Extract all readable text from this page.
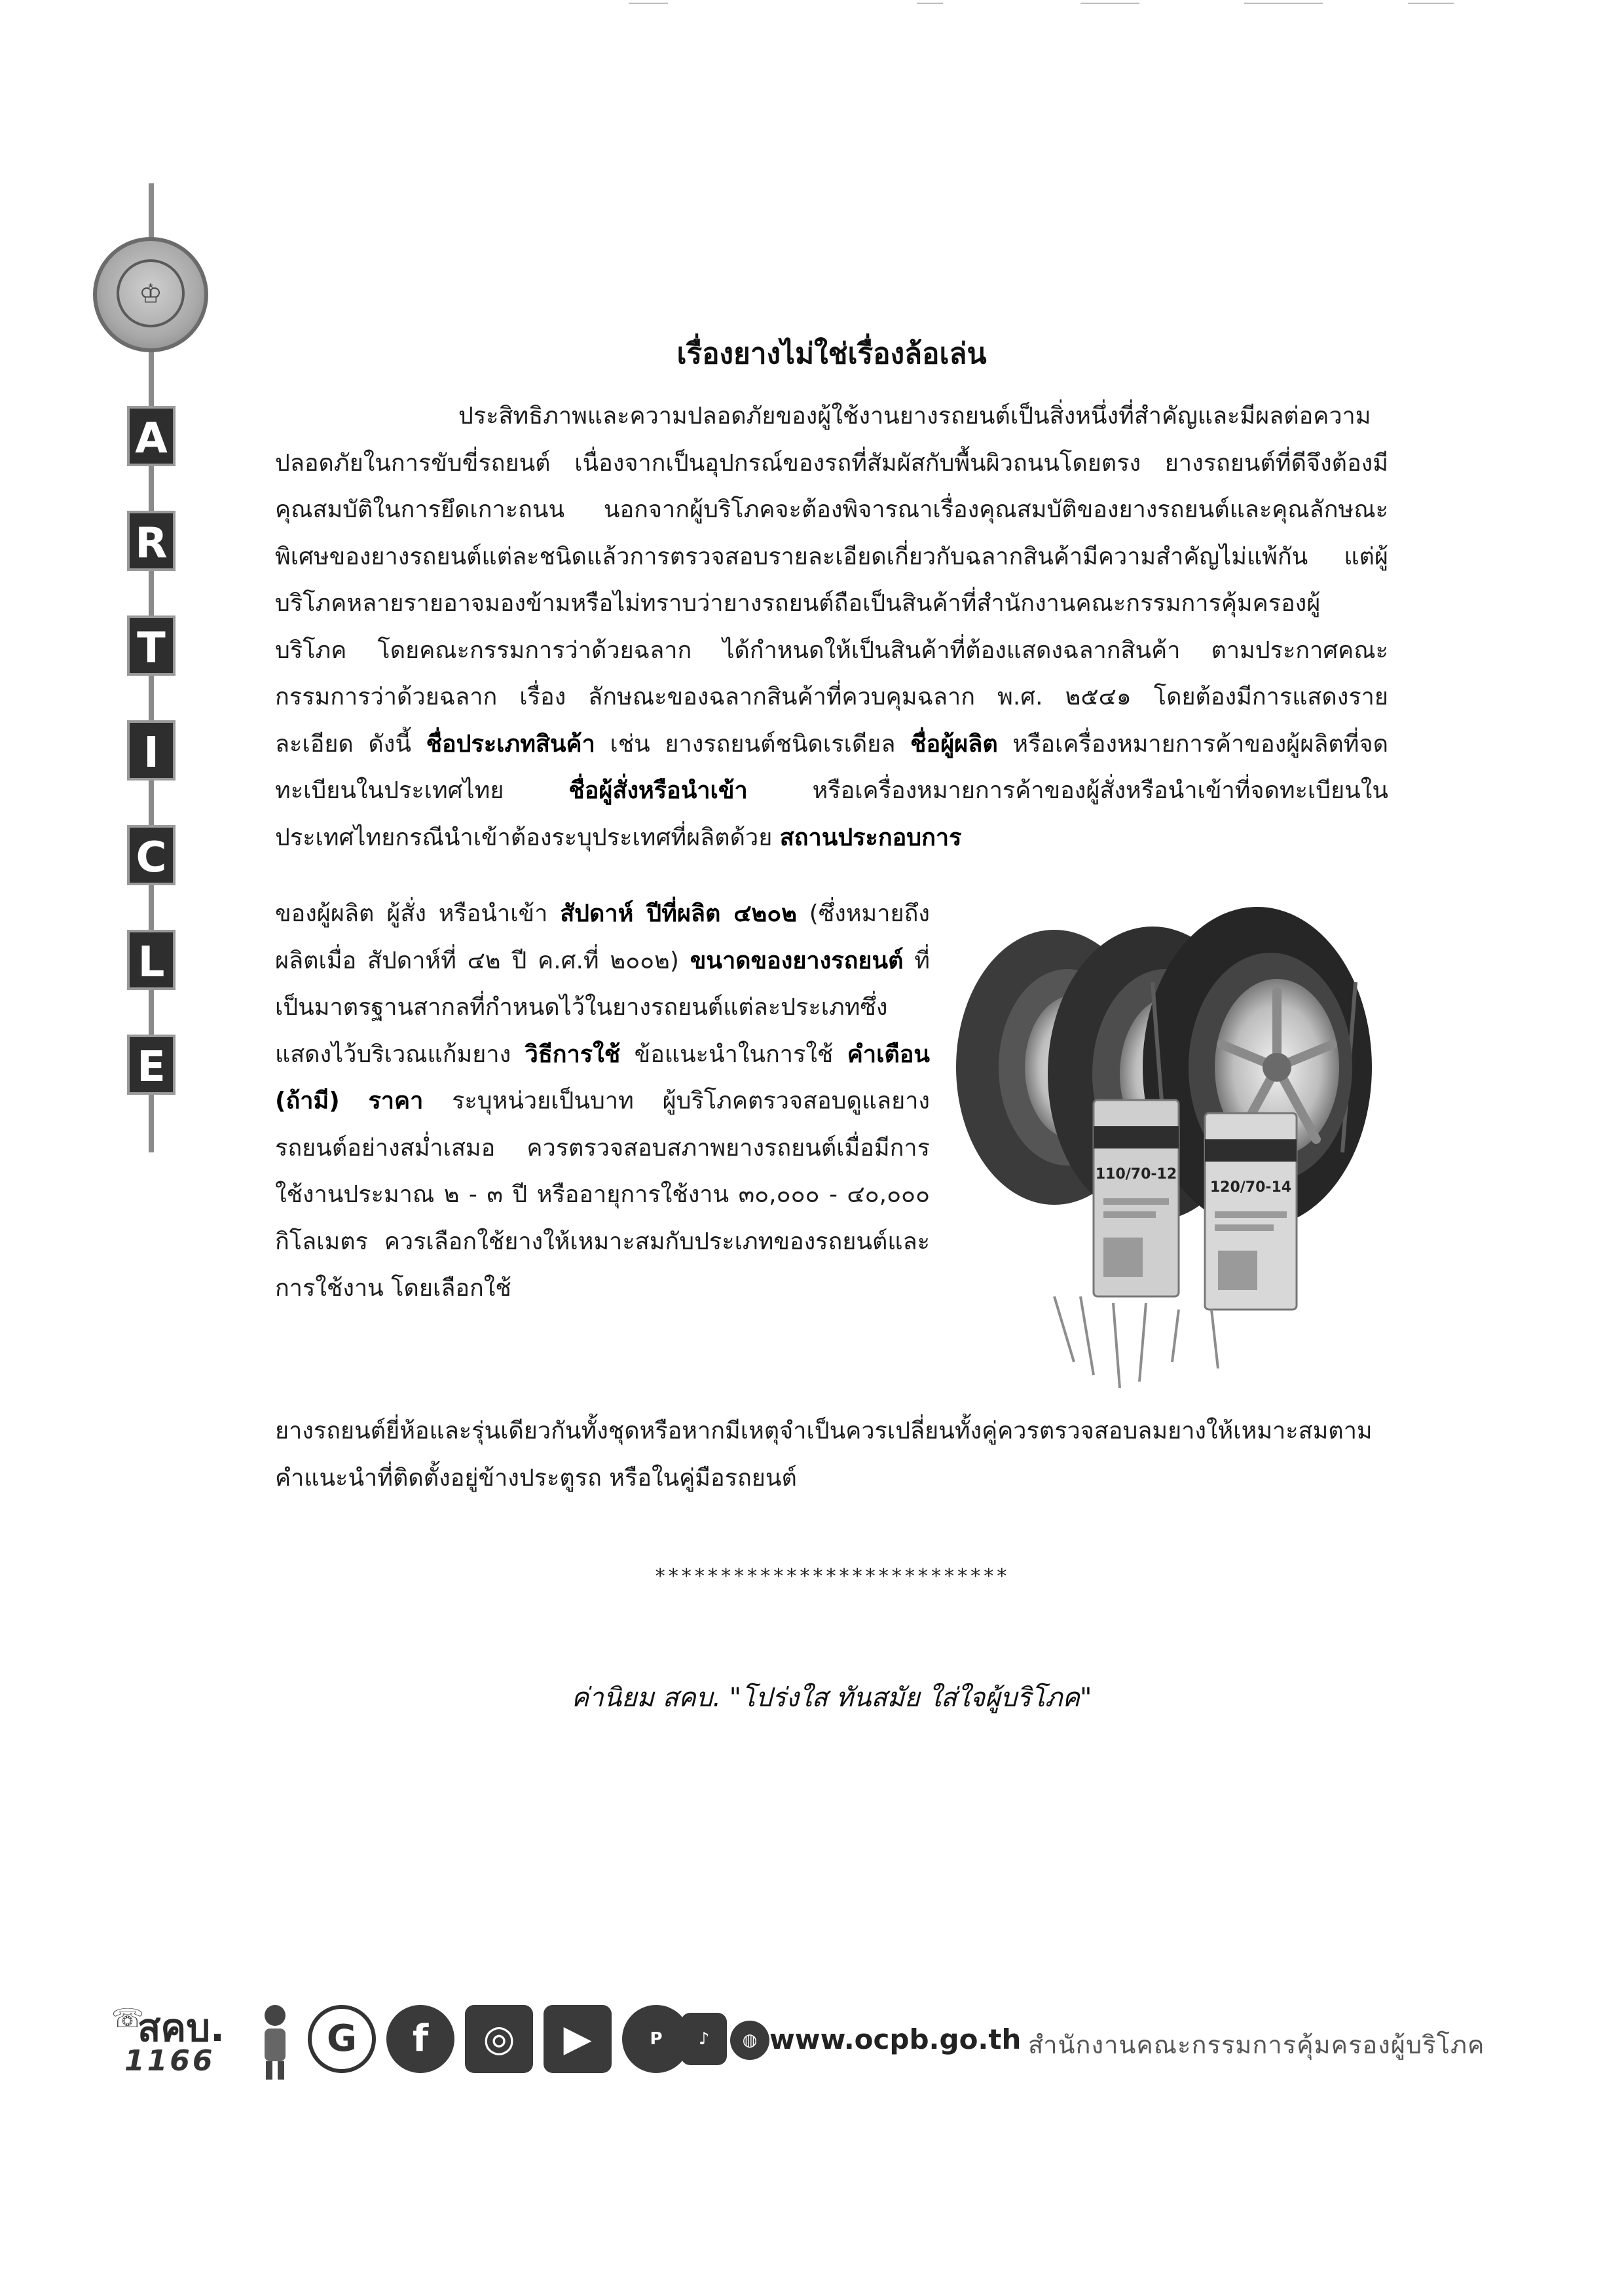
♔
A
R
T
I
C
L
E
เรื่องยางไม่ใช่เรื่องล้อเล่น

ประสิทธิภาพและความปลอดภัยของผู้ใช้งานยางรถยนต์เป็นสิ่งหนึ่งที่สำคัญและมีผลต่อความปลอดภัยในการขับขี่รถยนต์ เนื่องจากเป็นอุปกรณ์ของรถที่สัมผัสกับพื้นผิวถนนโดยตรง ยางรถยนต์ที่ดีจึงต้องมีคุณสมบัติในการยึดเกาะถนน นอกจากผู้บริโภคจะต้องพิจารณาเรื่องคุณสมบัติของยางรถยนต์และคุณลักษณะพิเศษของยางรถยนต์แต่ละชนิดแล้วการตรวจสอบรายละเอียดเกี่ยวกับฉลากสินค้ามีความสำคัญไม่แพ้กัน แต่ผู้บริโภคหลายรายอาจมองข้ามหรือไม่ทราบว่ายางรถยนต์ถือเป็นสินค้าที่สำนักงานคณะกรรมการคุ้มครองผู้บริโภค โดยคณะกรรมการว่าด้วยฉลาก ได้กำหนดให้เป็นสินค้าที่ต้องแสดงฉลากสินค้า ตามประกาศคณะกรรมการว่าด้วยฉลาก เรื่อง ลักษณะของฉลากสินค้าที่ควบคุมฉลาก พ.ศ. ๒๕๔๑ โดยต้องมีการแสดงรายละเอียด ดังนี้ ชื่อประเภทสินค้า เช่น ยางรถยนต์ชนิดเรเดียล ชื่อผู้ผลิต หรือเครื่องหมายการค้าของผู้ผลิตที่จดทะเบียนในประเทศไทย ชื่อผู้สั่งหรือนำเข้า หรือเครื่องหมายการค้าของผู้สั่งหรือนำเข้าที่จดทะเบียนในประเทศไทยกรณีนำเข้าต้องระบุประเทศที่ผลิตด้วย สถานประกอบการ

ของผู้ผลิต ผู้สั่ง หรือนำเข้า สัปดาห์ ปีที่ผลิต ๔๒๐๒ (ซึ่งหมายถึงผลิตเมื่อ สัปดาห์ที่ ๔๒ ปี ค.ศ.ที่ ๒๐๐๒) ขนาดของยางรถยนต์ ที่เป็นมาตรฐานสากลที่กำหนดไว้ในยางรถยนต์แต่ละประเภทซึ่งแสดงไว้บริเวณแก้มยาง วิธีการใช้ ข้อแนะนำในการใช้ คำเตือน (ถ้ามี) ราคา ระบุหน่วยเป็นบาท ผู้บริโภคตรวจสอบดูแลยางรถยนต์อย่างสม่ำเสมอ ควรตรวจสอบสภาพยางรถยนต์เมื่อมีการใช้งานประมาณ ๒ - ๓ ปี หรืออายุการใช้งาน ๓๐,๐๐๐ - ๔๐,๐๐๐ กิโลเมตร ควรเลือกใช้ยางให้เหมาะสมกับประเภทของรถยนต์และการใช้งาน โดยเลือกใช้

ยางรถยนต์ยี่ห้อและรุ่นเดียวกันทั้งชุดหรือหากมีเหตุจำเป็นควรเปลี่ยนทั้งคู่ควรตรวจสอบลมยางให้เหมาะสมตามคำแนะนำที่ติดตั้งอยู่ข้างประตูรถ หรือในคู่มือรถยนต์

110/70-12
120/70-14
***************************
ค่านิยม สคบ. "โปร่งใส ทันสมัย ใส่ใจผู้บริโภค"
☏
สคบ.
1166
G	f	◎	▶	P	♪	◍ www.ocpb.go.th สำนักงานคณะกรรมการคุ้มครองผู้บริโภค
